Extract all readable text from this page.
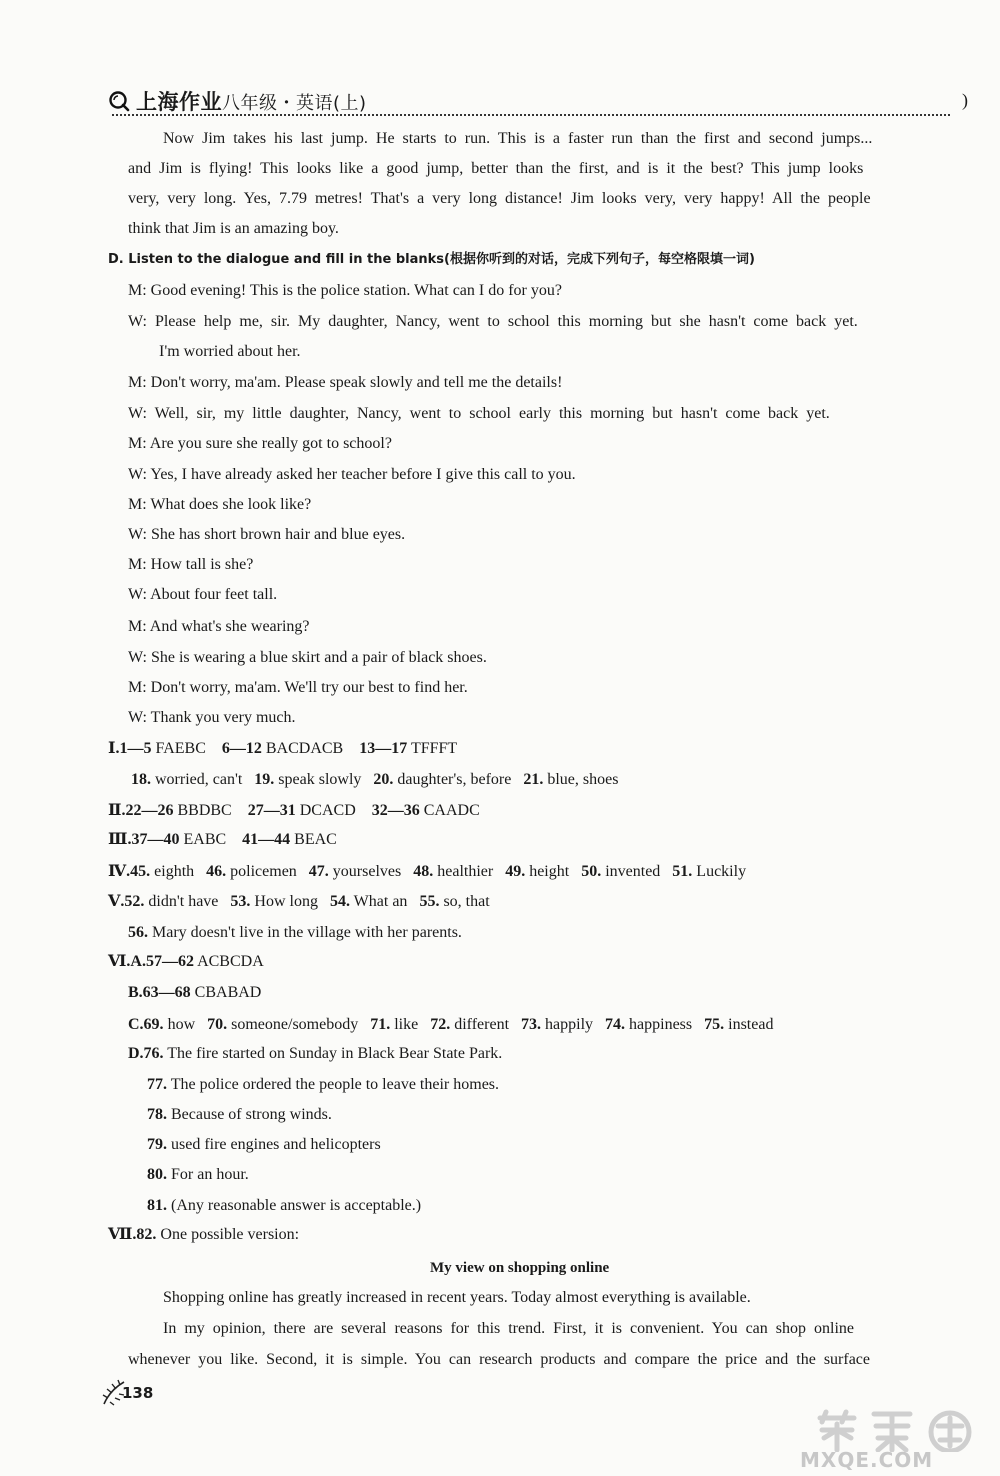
上海作业八年级・英语(上)	)
Now Jim takes his last jump. He starts to run. This is a faster run than the first and second jumps...
and Jim is flying! This looks like a good jump, better than the first, and is it the best? This jump looks
very, very long. Yes, 7.79 metres! That's a very long distance! Jim looks very, very happy! All the people
think that Jim is an amazing boy.
D. Listen to the dialogue and fill in the blanks(根据你听到的对话，完成下列句子，每空格限填一词)
M: Good evening! This is the police station. What can I do for you?
W: Please help me, sir. My daughter, Nancy, went to school this morning but she hasn't come back yet.
I'm worried about her.
M: Don't worry, ma'am. Please speak slowly and tell me the details!
W: Well, sir, my little daughter, Nancy, went to school early this morning but hasn't come back yet.
M: Are you sure she really got to school?
W: Yes, I have already asked her teacher before I give this call to you.
M: What does she look like?
W: She has short brown hair and blue eyes.
M: How tall is she?
W: About four feet tall.
M: And what's she wearing?
W: She is wearing a blue skirt and a pair of black shoes.
M: Don't worry, ma'am. We'll try our best to find her.
W: Thank you very much.
Ⅰ.1—5 FAEBC    6—12 BACDACB    13—17 TFFFT
18. worried, can't   19. speak slowly   20. daughter's, before   21. blue, shoes
Ⅱ.22—26 BBDBC    27—31 DCACD    32—36 CAADC
Ⅲ.37—40 EABC    41—44 BEAC
Ⅳ.45. eighth   46. policemen   47. yourselves   48. healthier   49. height   50. invented   51. Luckily
Ⅴ.52. didn't have   53. How long   54. What an   55. so, that
56. Mary doesn't live in the village with her parents.
Ⅵ.A.57—62 ACBCDA
B.63—68 CBABAD
C.69. how   70. someone/somebody   71. like   72. different   73. happily   74. happiness   75. instead
D.76. The fire started on Sunday in Black Bear State Park.
77. The police ordered the people to leave their homes.
78. Because of strong winds.
79. used fire engines and helicopters
80. For an hour.
81. (Any reasonable answer is acceptable.)
Ⅶ.82. One possible version:
My view on shopping online
Shopping online has greatly increased in recent years. Today almost everything is available.
In my opinion, there are several reasons for this trend. First, it is convenient. You can shop online
whenever you like. Second, it is simple. You can research products and compare the price and the surface
138
MXQE.COM
